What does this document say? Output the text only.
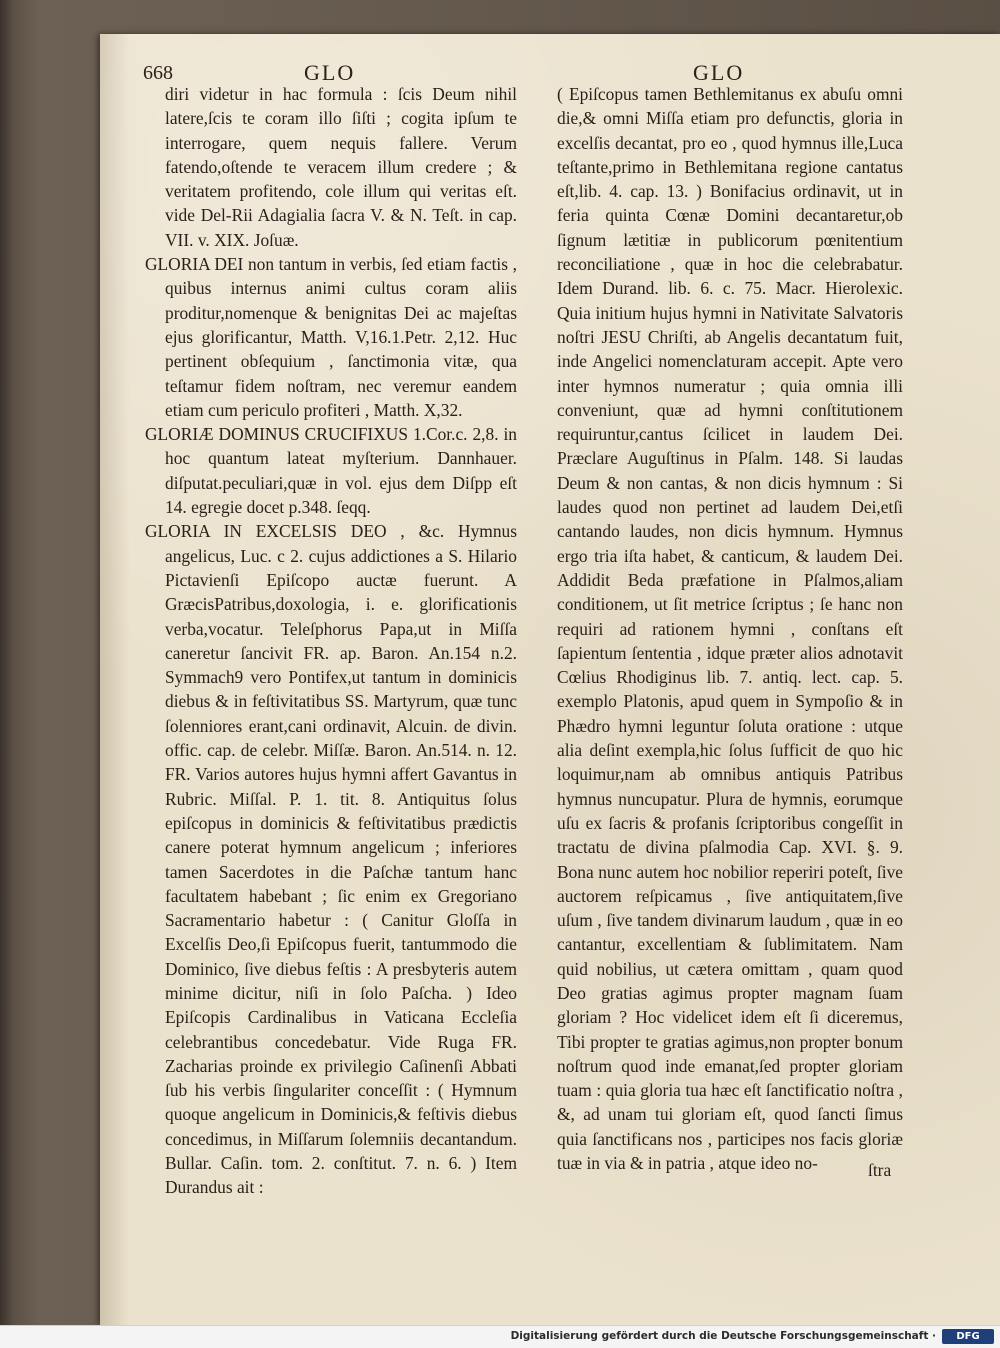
668	GLO	GLO

diri videtur in hac formula : ſcis Deum nihil latere,ſcis te coram illo ſiſti ; cogita ipſum te interrogare, quem nequis fallere. Verum fatendo,oſtende te veracem illum credere ; & veritatem profitendo, cole illum qui veritas eſt. vide Del-Rii Adagialia ſacra V. & N. Teſt. in cap. VII. v. XIX. Joſuæ.

GLORIA DEI non tantum in verbis, ſed etiam factis , quibus internus animi cultus coram aliis proditur,nomenque & benignitas Dei ac majeſtas ejus glorificantur, Matth. V,16.1.Petr. 2,12. Huc pertinent obſequium , ſanctimonia vitæ, qua teſtamur fidem noſtram, nec veremur eandem etiam cum periculo profiteri , Matth. X,32.

GLORIÆ DOMINUS CRUCIFIXUS 1.Cor.c. 2,8. in hoc quantum lateat myſterium. Dannhauer. diſputat.peculiari,quæ in vol. ejus dem Diſpp eſt 14. egregie docet p.348. ſeqq.

GLORIA IN EXCELSIS DEO , &c. Hymnus angelicus, Luc. c 2. cujus addictiones a S. Hilario Pictavienſi Epiſcopo auctæ fuerunt. A GræcisPatribus,doxologia, i. e. glorificationis verba,vocatur. Teleſphorus Papa,ut in Miſſa caneretur ſancivit FR. ap. Baron. An.154 n.2. Symmach9 vero Pontifex,ut tantum in dominicis diebus & in feſtivitatibus SS. Martyrum, quæ tunc ſolenniores erant,cani ordinavit, Alcuin. de divin. offic. cap. de celebr. Miſſæ. Baron. An.514. n. 12. FR. Varios autores hujus hymni affert Gavantus in Rubric. Miſſal. P. 1. tit. 8. Antiquitus ſolus epiſcopus in dominicis & feſtivitatibus prædictis canere poterat hymnum angelicum ; inferiores tamen Sacerdotes in die Paſchæ tantum hanc facultatem habebant ; ſic enim ex Gregoriano Sacramentario habetur : ( Canitur Gloſſa in Excelſis Deo,ſi Epiſcopus fuerit, tantummodo die Dominico, ſive diebus feſtis : A presbyteris autem minime dicitur, niſi in ſolo Paſcha. ) Ideo Epiſcopis Cardinalibus in Vaticana Eccleſia celebrantibus concedebatur. Vide Ruga FR. Zacharias proinde ex privilegio Caſinenſi Abbati ſub his verbis ſingulariter conceſſit : ( Hymnum quoque angelicum in Dominicis,& feſtivis diebus concedimus, in Miſſarum ſolemniis decantandum. Bullar. Caſin. tom. 2. conſtitut. 7. n. 6. ) Item Durandus ait :

( Epiſcopus tamen Bethlemitanus ex abuſu omni die,& omni Miſſa etiam pro defunctis, gloria in excelſis decantat, pro eo , quod hymnus ille,Luca teſtante,primo in Bethlemitana regione cantatus eſt,lib. 4. cap. 13. ) Bonifacius ordinavit, ut in feria quinta Cœnæ Domini decantaretur,ob ſignum lætitiæ in publicorum pœnitentium reconciliatione , quæ in hoc die celebrabatur. Idem Durand. lib. 6. c. 75. Macr. Hierolexic. Quia initium hujus hymni in Nativitate Salvatoris noſtri JESU Chriſti, ab Angelis decantatum fuit, inde Angelici nomenclaturam accepit. Apte vero inter hymnos numeratur ; quia omnia illi conveniunt, quæ ad hymni conſtitutionem requiruntur,cantus ſcilicet in laudem Dei. Præclare Auguſtinus in Pſalm. 148. Si laudas Deum & non cantas, & non dicis hymnum : Si laudes quod non pertinet ad laudem Dei,etſi cantando laudes, non dicis hymnum. Hymnus ergo tria iſta habet, & canticum, & laudem Dei. Addidit Beda præfatione in Pſalmos,aliam conditionem, ut ſit metrice ſcriptus ; ſe hanc non requiri ad rationem hymni , conſtans eſt ſapientum ſententia , idque præter alios adnotavit Cœlius Rhodiginus lib. 7. antiq. lect. cap. 5. exemplo Platonis, apud quem in Sympoſio & in Phædro hymni leguntur ſoluta oratione : utque alia deſint exempla,hic ſolus ſufficit de quo hic loquimur,nam ab omnibus antiquis Patribus hymnus nuncupatur. Plura de hymnis, eorumque uſu ex ſacris & profanis ſcriptoribus congeſſit in tractatu de divina pſalmodia Cap. XVI. §. 9. Bona nunc autem hoc nobilior reperiri poteſt, ſive auctorem reſpicamus , ſive antiquitatem,ſive uſum , ſive tandem divinarum laudum , quæ in eo cantantur, excellentiam & ſublimitatem. Nam quid nobilius, ut cætera omittam , quam quod Deo gratias agimus propter magnam ſuam gloriam ? Hoc videlicet idem eſt ſi diceremus, Tibi propter te gratias agimus,non propter bonum noſtrum quod inde emanat,ſed propter gloriam tuam : quia gloria tua hæc eſt ſanctificatio noſtra , &, ad unam tui gloriam eſt, quod ſancti ſimus quia ſanctificans nos , participes nos facis gloriæ tuæ in via & in patria , atque ideo no-	ſtra
Digitalisierung gefördert durch die Deutsche Forschungsgemeinschaft ·	DFG
